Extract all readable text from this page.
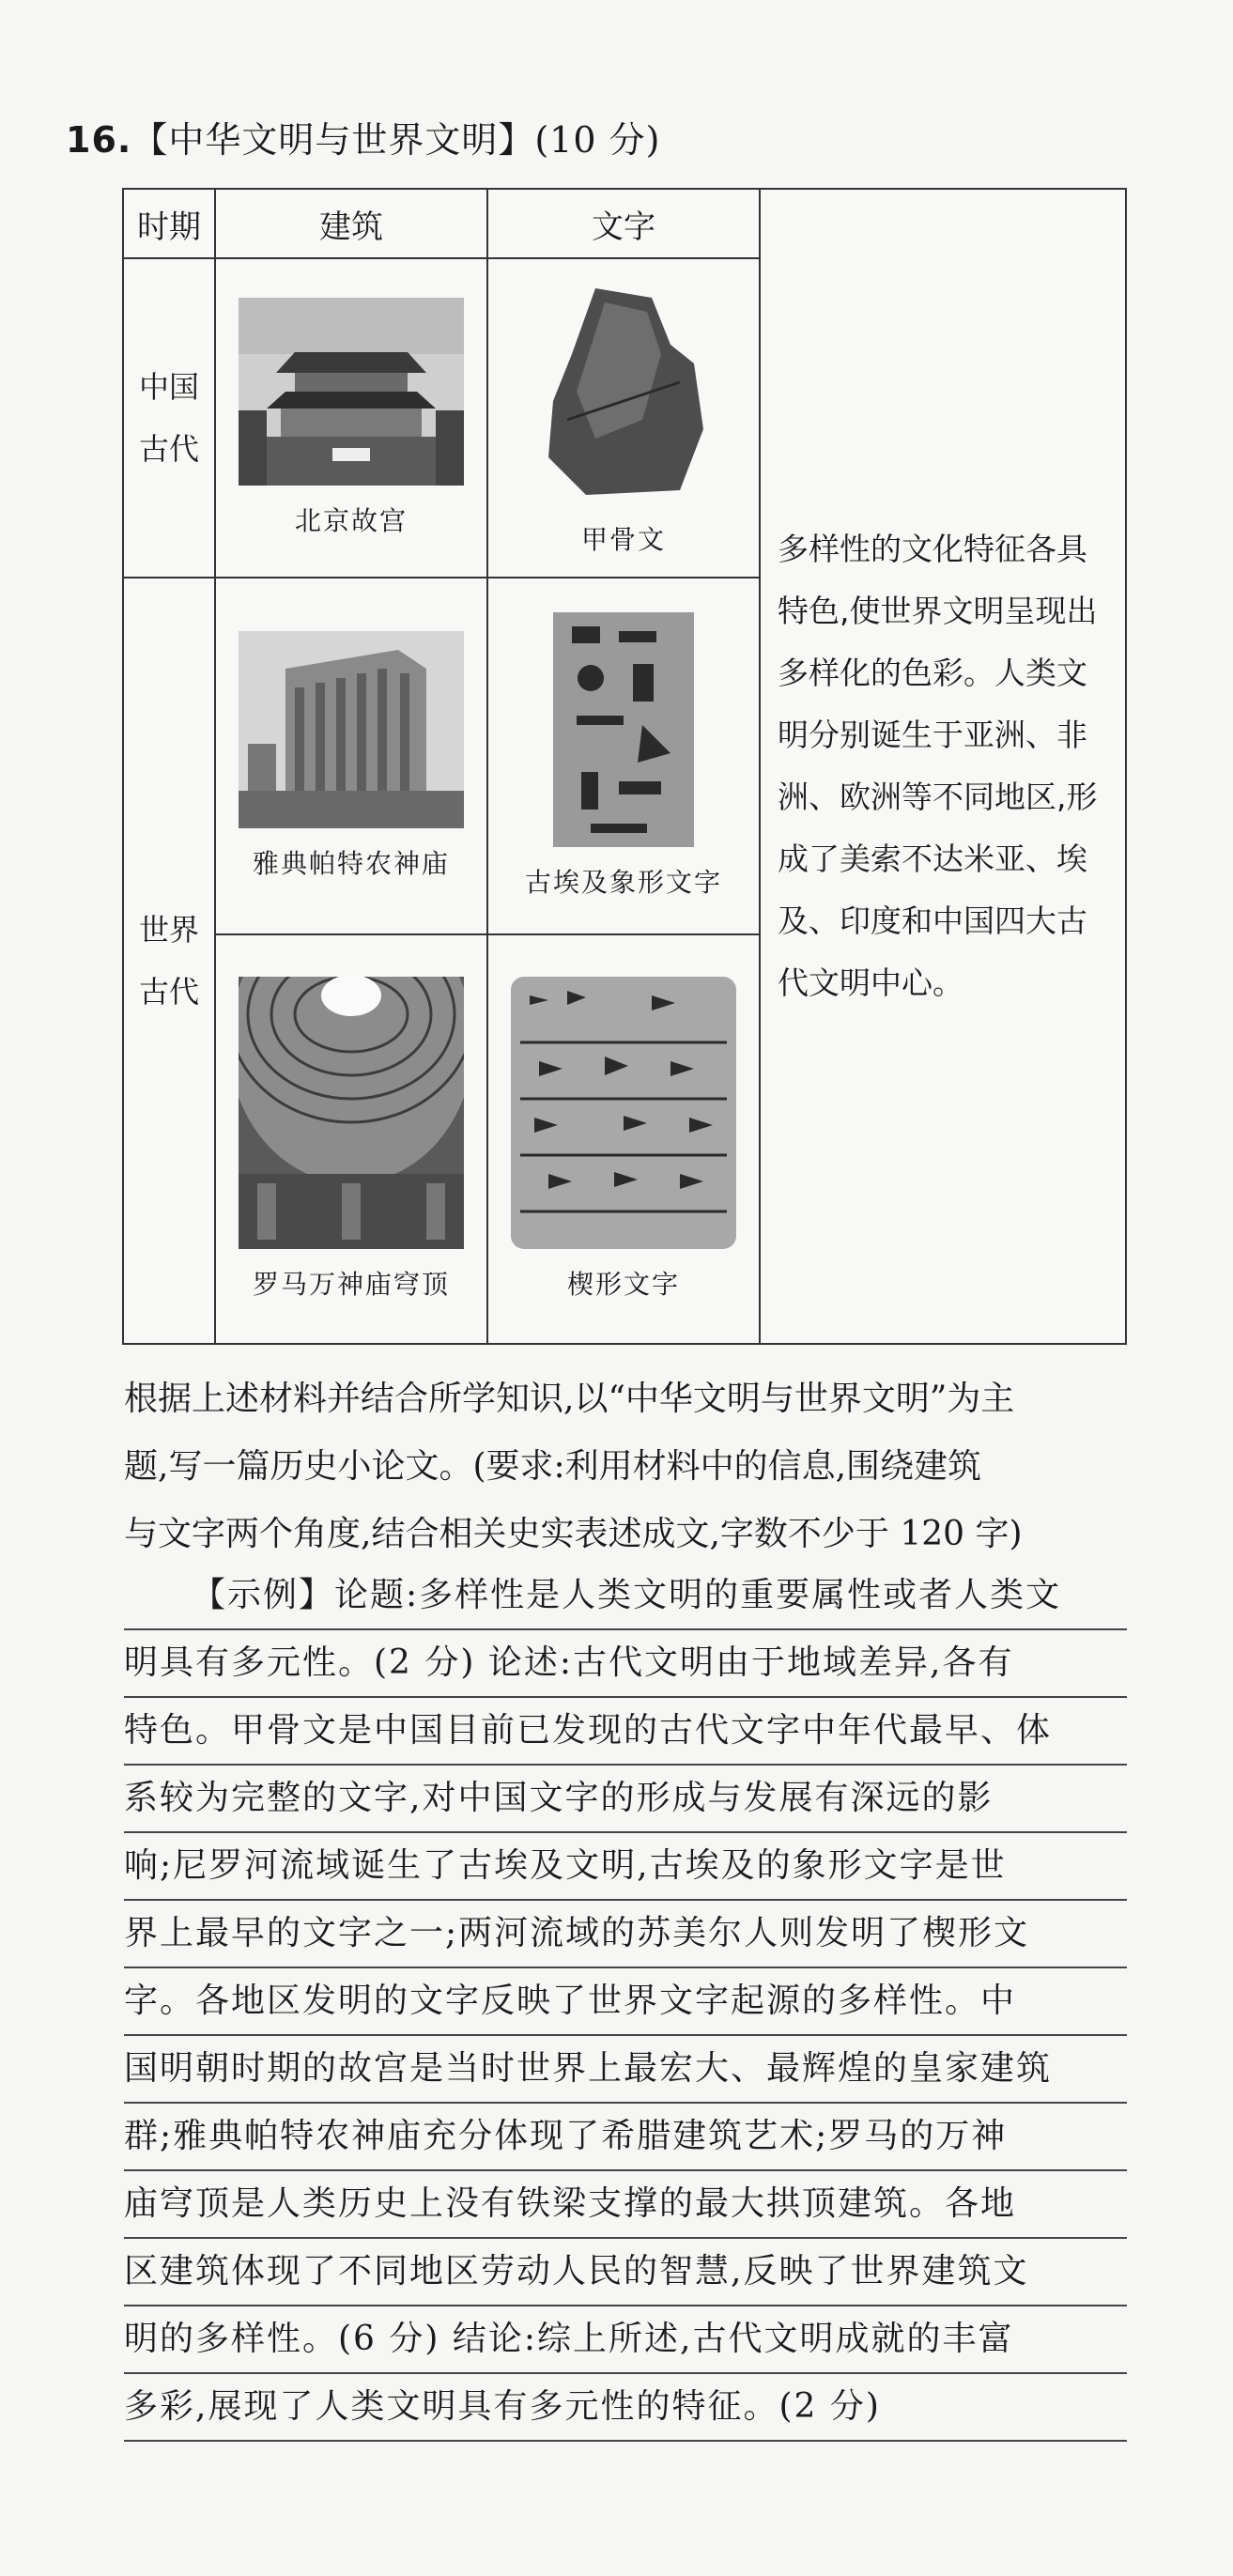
16.【中华文明与世界文明】(10 分)
时期	建筑	文字	多样性的文化特征各具特色,使世界文明呈现出多样化的色彩。人类文明分别诞生于亚洲、非洲、欧洲等不同地区,形成了美索不达米亚、埃及、印度和中国四大古代文明中心。
中国
古代	北京故宫	甲骨文	

世界
古代	雅典帕特农神庙	古埃及象形文字	

	罗马万神庙穹顶	楔形文字	
根据上述材料并结合所学知识,以“中华文明与世界文明”为主
题,写一篇历史小论文。(要求:利用材料中的信息,围绕建筑
与文字两个角度,结合相关史实表述成文,字数不少于 120 字)
【示例】论题:多样性是人类文明的重要属性或者人类文
明具有多元性。(2 分) 论述:古代文明由于地域差异,各有
特色。甲骨文是中国目前已发现的古代文字中年代最早、体
系较为完整的文字,对中国文字的形成与发展有深远的影
响;尼罗河流域诞生了古埃及文明,古埃及的象形文字是世
界上最早的文字之一;两河流域的苏美尔人则发明了楔形文
字。各地区发明的文字反映了世界文字起源的多样性。中
国明朝时期的故宫是当时世界上最宏大、最辉煌的皇家建筑
群;雅典帕特农神庙充分体现了希腊建筑艺术;罗马的万神
庙穹顶是人类历史上没有铁梁支撑的最大拱顶建筑。各地
区建筑体现了不同地区劳动人民的智慧,反映了世界建筑文
明的多样性。(6 分) 结论:综上所述,古代文明成就的丰富
多彩,展现了人类文明具有多元性的特征。(2 分)
